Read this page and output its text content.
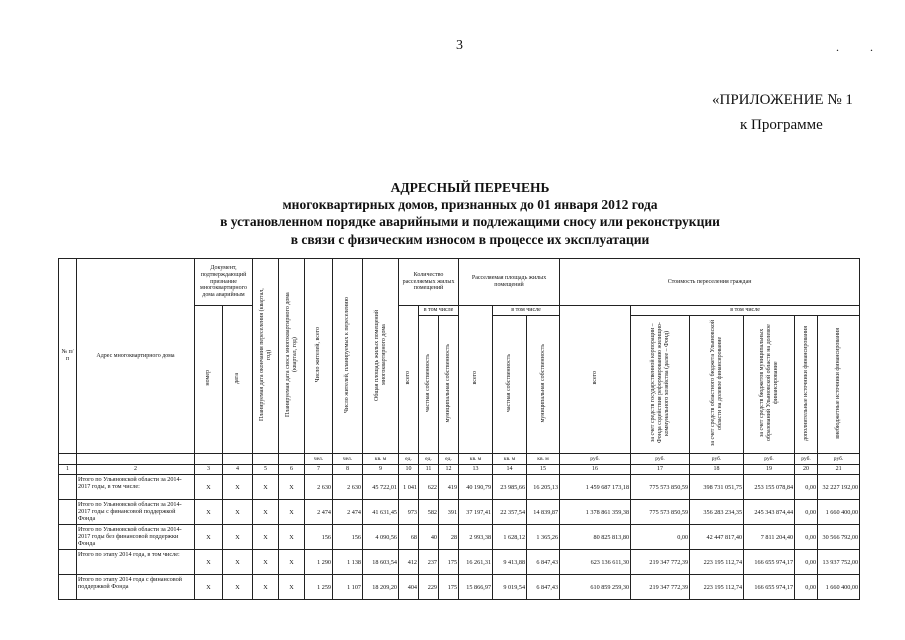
3	.	.
«ПРИЛОЖЕНИЕ № 1
к Программе
АДРЕСНЫЙ ПЕРЕЧЕНЬ
многоквартирных домов, признанных до 01 января 2012 года
в установленном порядке аварийными и подлежащими сносу или реконструкции
в связи с физическим износом в процессе их эксплуатации
№ п/п	Адрес многоквартирного дома	Документ, подтверждающий признание многоквартирного дома аварийным		Планируемая дата окончания переселения (квартал, год)	Планируемая дата сноса многоквартирного дома (квартал, год)	Число жителей, всего	Число жителей, планируемых к переселению	Общая площадь жилых помещений многоквартирного дома	Количество расселяемых жилых помещений			Расселяемая площадь жилых помещений			Стоимость переселения граждан					
		номер	дата						всего	в том числе		всего	в том числе		всего	в том числе				
										частная собственность	муниципальная собственность		частная собственность	муниципальная собственность		за счет средств государственной корпорации – Фонда содействия реформированию жилищно-коммунального хозяйства (далее – Фонд)	за счет средств областного бюджета Ульяновской области на долевое финансирование	за счет средств бюджетов муниципальных образований Ульяновской области на долевое финансирование	дополнительные источники финансирования	внебюджетные источники финансирования
						чел.	чел.	кв. м	ед.	ед.	ед.	кв. м	кв. м	кв. м	руб.	руб.	руб.	руб.	руб.	руб.
1	2	3	4	5	6	7	8	9	10	11	12	13	14	15	16	17	18	19	20	21
	Итого по Ульяновской области за 2014-2017 годы, в том числе:	X	X	X	X	2 630	2 630	45 722,01	1 041	622	419	40 190,79	23 985,66	16 205,13	1 459 687 173,18	775 573 850,59	398 731 051,75	253 155 078,84	0,00	32 227 192,00
	Итого по Ульяновской области за 2014-2017 годы с финансовой поддержкой Фонда	X	X	X	X	2 474	2 474	41 631,45	973	582	391	37 197,41	22 357,54	14 839,87	1 378 861 359,38	775 573 850,59	356 283 234,35	245 343 874,44	0,00	1 660 400,00
	Итого по Ульяновской области за 2014-2017 годы без финансовой поддержки Фонда	X	X	X	X	156	156	4 090,56	68	40	28	2 993,38	1 628,12	1 365,26	80 825 813,80	0,00	42 447 817,40	7 811 204,40	0,00	30 566 792,00
	Итого по этапу 2014 года, в том числе:	X	X	X	X	1 290	1 138	18 603,54	412	237	175	16 261,31	9 413,88	6 847,43	623 136 611,30	219 347 772,39	223 195 112,74	166 655 974,17	0,00	13 937 752,00
	Итого по этапу 2014 года с финансовой поддержкой Фонда	X	X	X	X	1 259	1 107	18 209,20	404	229	175	15 866,97	9 019,54	6 847,43	610 859 259,30	219 347 772,39	223 195 112,74	166 655 974,17	0,00	1 660 400,00
